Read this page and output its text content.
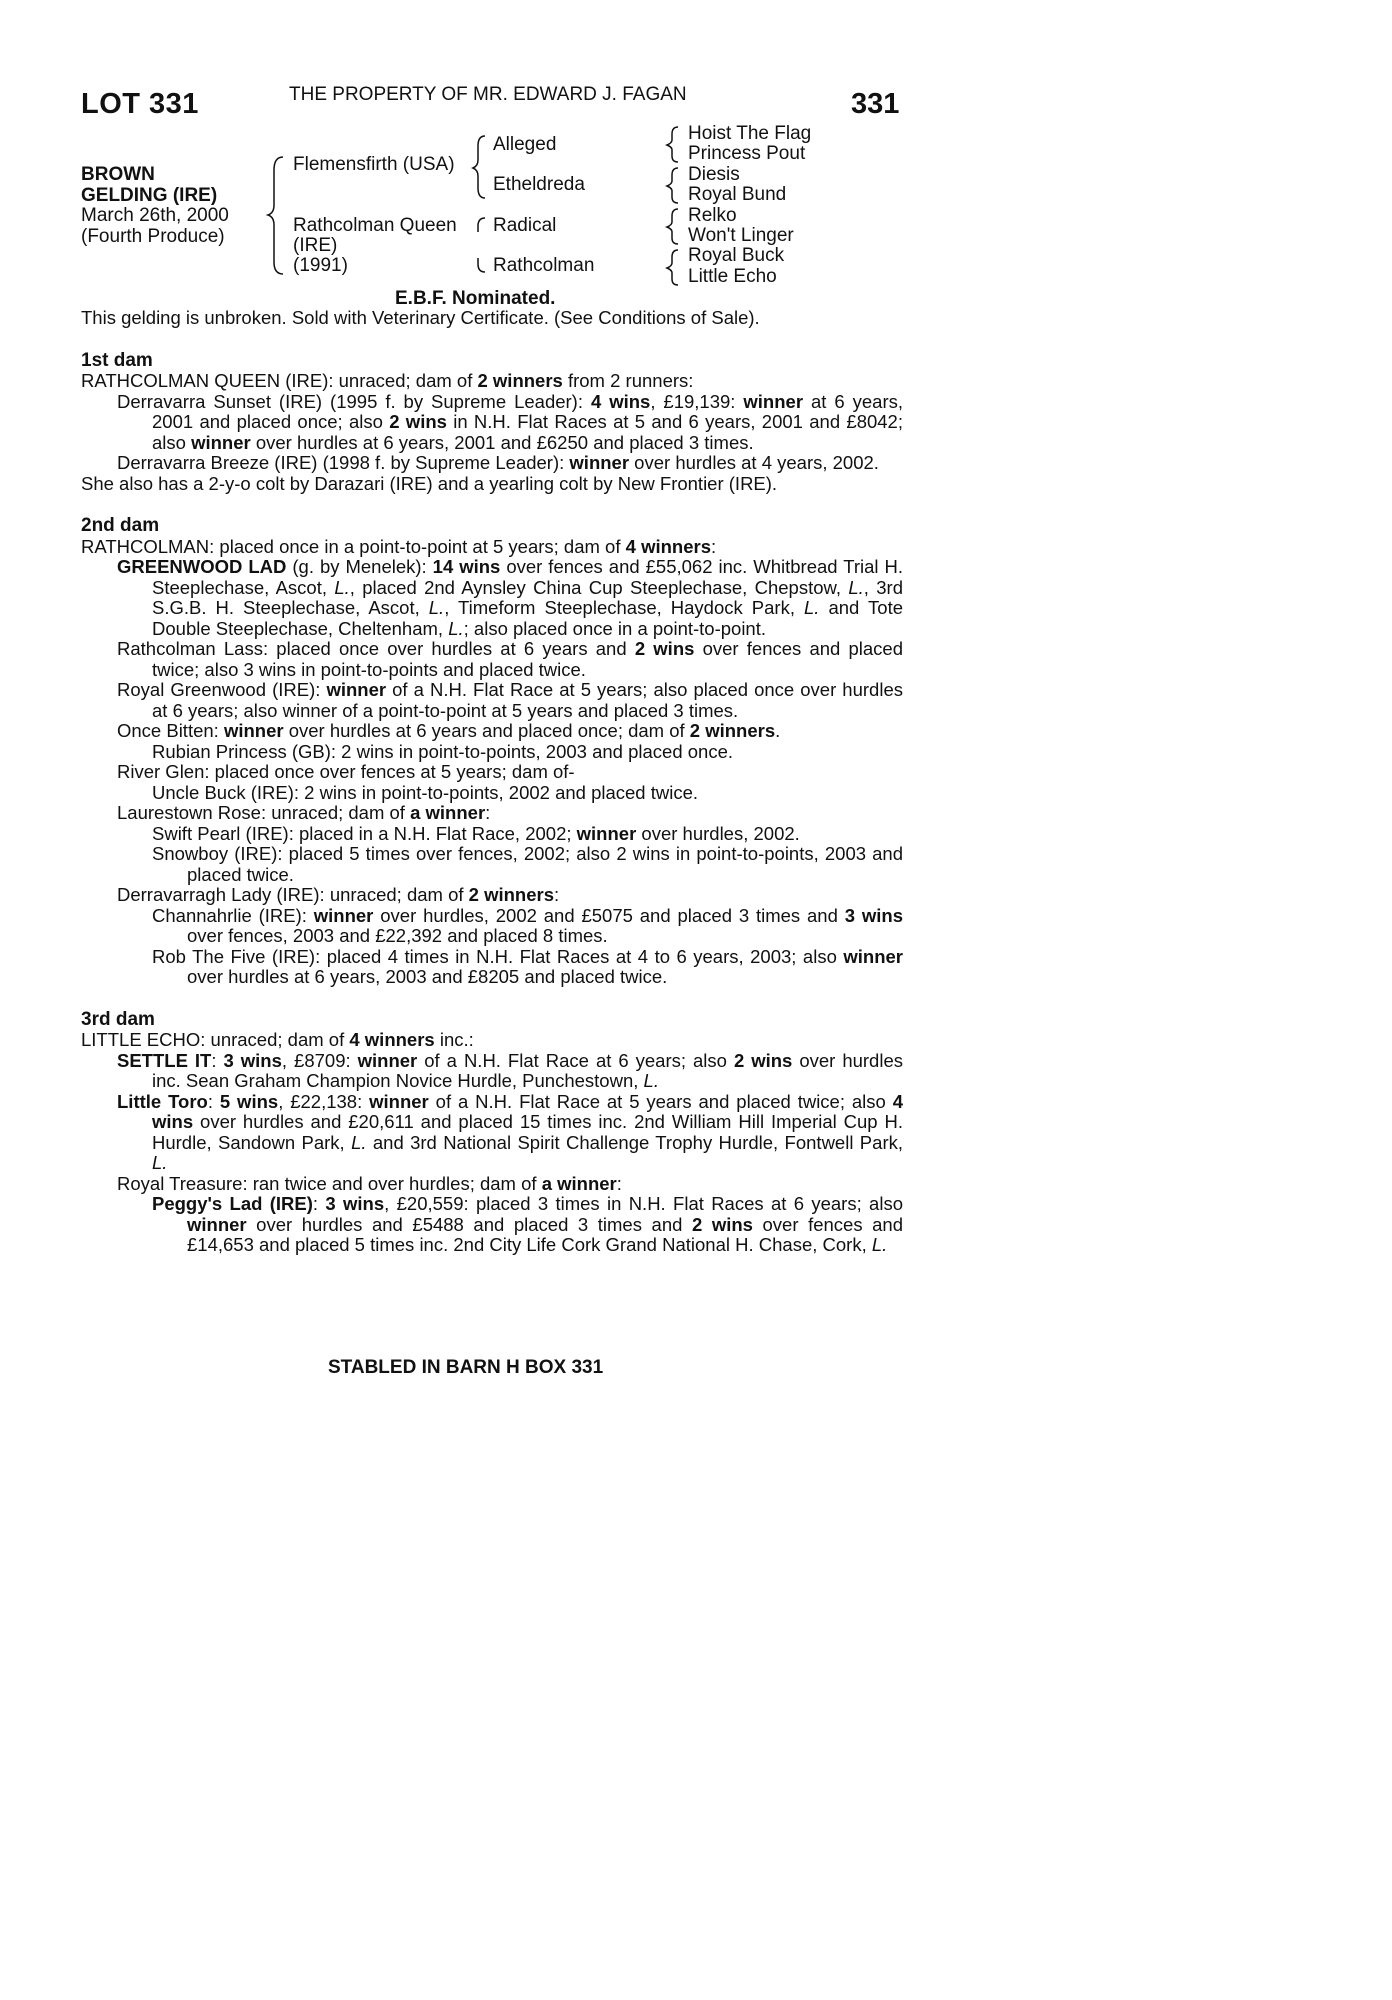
LOT 331	THE PROPERTY OF MR. EDWARD J. FAGAN	331
BROWN
GELDING (IRE)
March 26th, 2000
(Fourth Produce)
Flemensfirth (USA)
Rathcolman Queen
(IRE)
(1991)
Alleged
Etheldreda
Radical
Rathcolman
Hoist The Flag
Princess Pout
Diesis
Royal Bund
Relko
Won't Linger
Royal Buck
Little Echo
E.B.F. Nominated.
This gelding is unbroken. Sold with Veterinary Certificate. (See Conditions of Sale).
1st dam
RATHCOLMAN QUEEN (IRE): unraced; dam of 2 winners from 2 runners:
Derravarra Sunset (IRE) (1995 f. by Supreme Leader): 4 wins, £19,139: winner at 6 years, 2001 and placed once; also 2 wins in N.H. Flat Races at 5 and 6 years, 2001 and £8042; also winner over hurdles at 6 years, 2001 and £6250 and placed 3 times.
Derravarra Breeze (IRE) (1998 f. by Supreme Leader): winner over hurdles at 4 years, 2002.
She also has a 2-y-o colt by Darazari (IRE) and a yearling colt by New Frontier (IRE).
2nd dam
RATHCOLMAN: placed once in a point-to-point at 5 years; dam of 4 winners:
GREENWOOD LAD (g. by Menelek): 14 wins over fences and £55,062 inc. Whitbread Trial H. Steeplechase, Ascot, L., placed 2nd Aynsley China Cup Steeplechase, Chepstow, L., 3rd S.G.B. H. Steeplechase, Ascot, L., Timeform Steeplechase, Haydock Park, L. and Tote Double Steeplechase, Cheltenham, L.; also placed once in a point-to-point.
Rathcolman Lass: placed once over hurdles at 6 years and 2 wins over fences and placed twice; also 3 wins in point-to-points and placed twice.
Royal Greenwood (IRE): winner of a N.H. Flat Race at 5 years; also placed once over hurdles at 6 years; also winner of a point-to-point at 5 years and placed 3 times.
Once Bitten: winner over hurdles at 6 years and placed once; dam of 2 winners.
Rubian Princess (GB): 2 wins in point-to-points, 2003 and placed once.
River Glen: placed once over fences at 5 years; dam of-
Uncle Buck (IRE): 2 wins in point-to-points, 2002 and placed twice.
Laurestown Rose: unraced; dam of a winner:
Swift Pearl (IRE): placed in a N.H. Flat Race, 2002; winner over hurdles, 2002.
Snowboy (IRE): placed 5 times over fences, 2002; also 2 wins in point-to-points, 2003 and placed twice.
Derravarragh Lady (IRE): unraced; dam of 2 winners:
Channahrlie (IRE): winner over hurdles, 2002 and £5075 and placed 3 times and 3 wins over fences, 2003 and £22,392 and placed 8 times.
Rob The Five (IRE): placed 4 times in N.H. Flat Races at 4 to 6 years, 2003; also winner over hurdles at 6 years, 2003 and £8205 and placed twice.
3rd dam
LITTLE ECHO: unraced; dam of 4 winners inc.:
SETTLE IT: 3 wins, £8709: winner of a N.H. Flat Race at 6 years; also 2 wins over hurdles inc. Sean Graham Champion Novice Hurdle, Punchestown, L.
Little Toro: 5 wins, £22,138: winner of a N.H. Flat Race at 5 years and placed twice; also 4 wins over hurdles and £20,611 and placed 15 times inc. 2nd William Hill Imperial Cup H. Hurdle, Sandown Park, L. and 3rd National Spirit Challenge Trophy Hurdle, Fontwell Park, L.
Royal Treasure: ran twice and over hurdles; dam of a winner:
Peggy's Lad (IRE): 3 wins, £20,559: placed 3 times in N.H. Flat Races at 6 years; also winner over hurdles and £5488 and placed 3 times and 2 wins over fences and £14,653 and placed 5 times inc. 2nd City Life Cork Grand National H. Chase, Cork, L.
STABLED IN BARN H BOX 331
